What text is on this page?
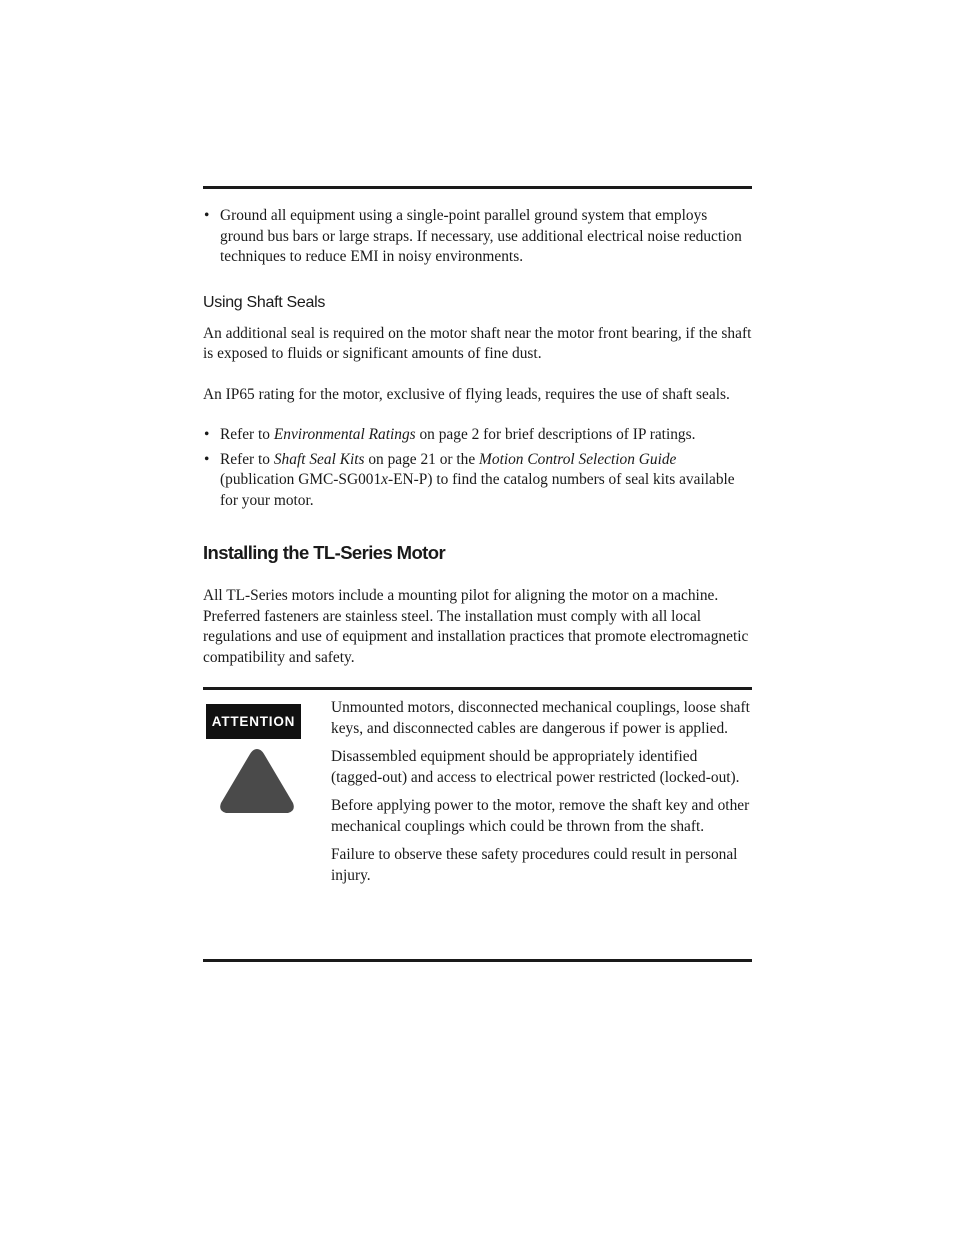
• Ground all equipment using a single-point parallel ground system that employs ground bus bars or large straps. If necessary, use additional electrical noise reduction techniques to reduce EMI in noisy environments.
Using Shaft Seals

An additional seal is required on the motor shaft near the motor front bearing, if the shaft is exposed to fluids or significant amounts of fine dust.

An IP65 rating for the motor, exclusive of flying leads, requires the use of shaft seals.

• Refer to Environmental Ratings on page 2 for brief descriptions of IP ratings.
• Refer to Shaft Seal Kits on page 21 or the Motion Control Selection Guide
(publication GMC-SG001x-EN-P) to find the catalog numbers of seal kits available for your motor.
Installing the TL-Series Motor

All TL-Series motors include a mounting pilot for aligning the motor on a machine. Preferred fasteners are stainless steel. The installation must comply with all local regulations and use of equipment and installation practices that promote electromagnetic compatibility and safety.

ATTENTION

Unmounted motors, disconnected mechanical couplings, loose shaft keys, and disconnected cables are dangerous if power is applied.

Disassembled equipment should be appropriately identified (tagged-out) and access to electrical power restricted (locked-out).

Before applying power to the motor, remove the shaft key and other mechanical couplings which could be thrown from the shaft.

Failure to observe these safety procedures could result in personal injury.
